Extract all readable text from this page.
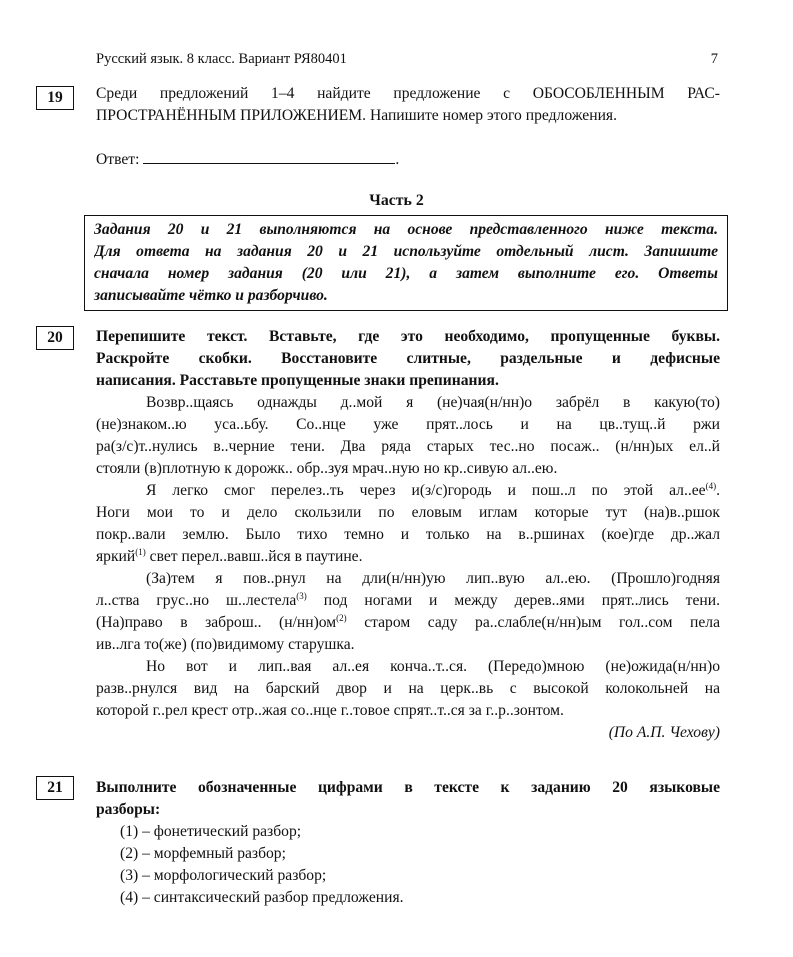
Русский язык. 8 класс. Вариант РЯ80401	7
19	Среди предложений 1–4 найдите предложение с ОБОСОБЛЕННЫМ РАС-
ПРОСТРАНЁННЫМ ПРИЛОЖЕНИЕМ. Напишите номер этого предложения.
Ответ:	.
Часть 2
Задания 20 и 21 выполняются на основе представленного ниже текста.
Для ответа на задания 20 и 21 используйте отдельный лист. Запишите
сначала номер задания (20 или 21), а затем выполните его. Ответы
записывайте чётко и разборчиво.
20	Перепишите текст. Вставьте, где это необходимо, пропущенные буквы.
Раскройте скобки. Восстановите слитные, раздельные и дефисные
написания. Расставьте пропущенные знаки препинания.
Возвр..щаясь однажды д..мой я (не)чая(н/нн)о забрёл в какую(то)
(не)знаком..ю уса..ьбу. Со..нце уже прят..лось и на цв..тущ..й ржи
ра(з/с)т..нулись в..черние тени. Два ряда старых тес..но посаж.. (н/нн)ых ел..й
стояли (в)плотную к дорожк.. обр..зуя мрач..ную но кр..сивую ал..ею.
Я легко смог перелез..ть через и(з/с)городь и пош..л по этой $ал..ее^{(4)}$.
Ноги мои то и дело скользили по еловым иглам которые тут (на)в..ршок
покр..вали землю. Было тихо темно и только на в..ршинах (кое)где др..жал
яркий$^{(1)}$ свет перел..вавш..йся в паутине.
(За)тем я пов..рнул на дли(н/нн)ую лип..вую ал..ею. (Прошло)годняя
л..ства грус..но ш..лестела$^{(3)}$ под ногами и между дерев..ями прят..лись тени.
(На)право в заброш.. $(н/нн)ом^{(2)}$ старом саду ра..слабле(н/нн)ым гол..сом пела
ив..лга то(же) (по)видимому старушка.
Но вот и лип..вая ал..ея конча..т..ся. (Передо)мною (не)ожида(н/нн)о
разв..рнулся вид на барский двор и на церк..вь с высокой колокольней на
которой г..рел крест отр..жая со..нце г..товое спрят..т..ся за г..р..зонтом.
(По А.П. Чехову)
21	Выполните обозначенные цифрами в тексте к заданию 20 языковые
разборы:
(1) – фонетический разбор;
(2) – морфемный разбор;
(3) – морфологический разбор;
(4) – синтаксический разбор предложения.
